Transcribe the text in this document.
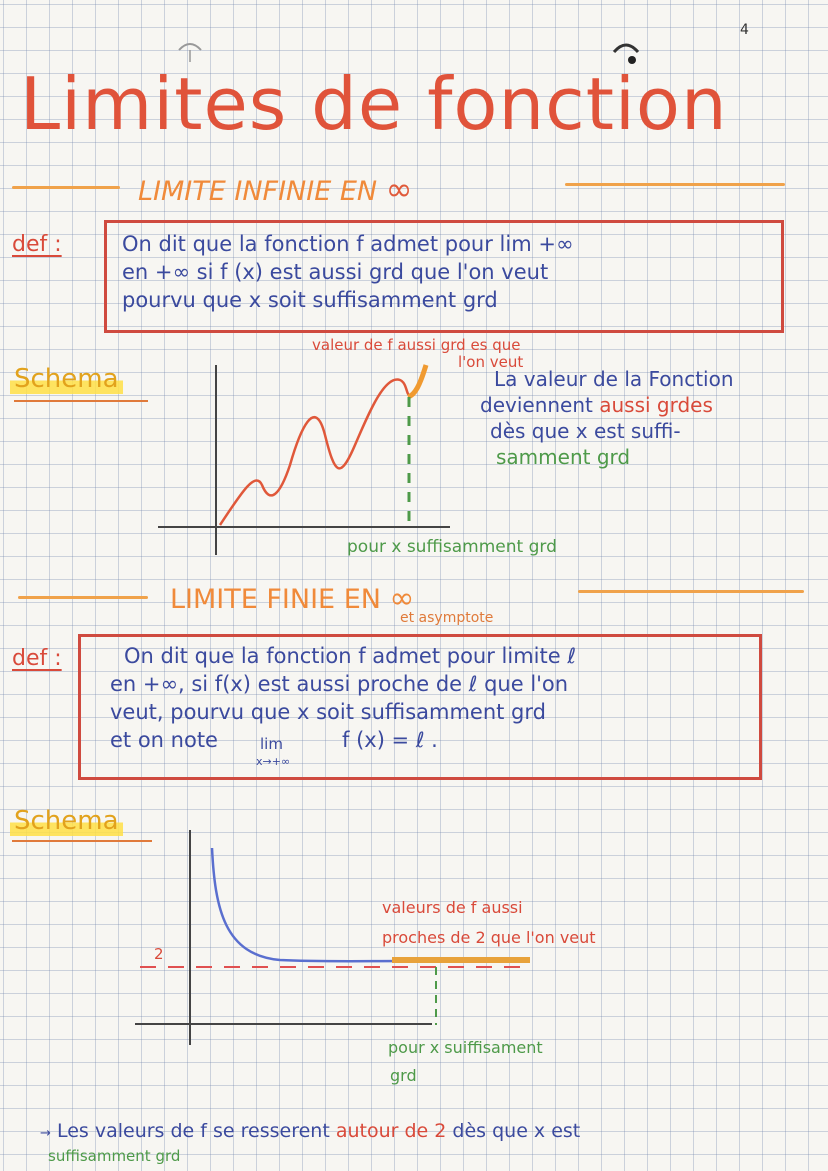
4
Limites de fonction
LIMITE INFINIE EN ∞
def :	On dit que la fonction f admet pour lim +∞
en +∞ si f (x) est aussi grd que l'on veut
pourvu que x soit suffisamment grd
Schema
valeur de f aussi grd es que
l'on veut
La valeur de la Fonction
deviennent aussi grdes
dès que x est suffi-
samment grd
pour x suffisamment grd
LIMITE FINIE EN ∞
et asymptote
def :	On dit que la fonction f admet pour limite ℓ
en +∞, si f(x) est aussi proche de ℓ que l'on
veut, pourvu que x soit suffisamment grd
et on note	lim
x→+∞
f (x) = ℓ .
Schema
2
valeurs de f aussi
proches de 2 que l'on veut
pour x suiffisament
grd
→ Les valeurs de f se resserent autour de 2 dès que x est
suffisamment grd
